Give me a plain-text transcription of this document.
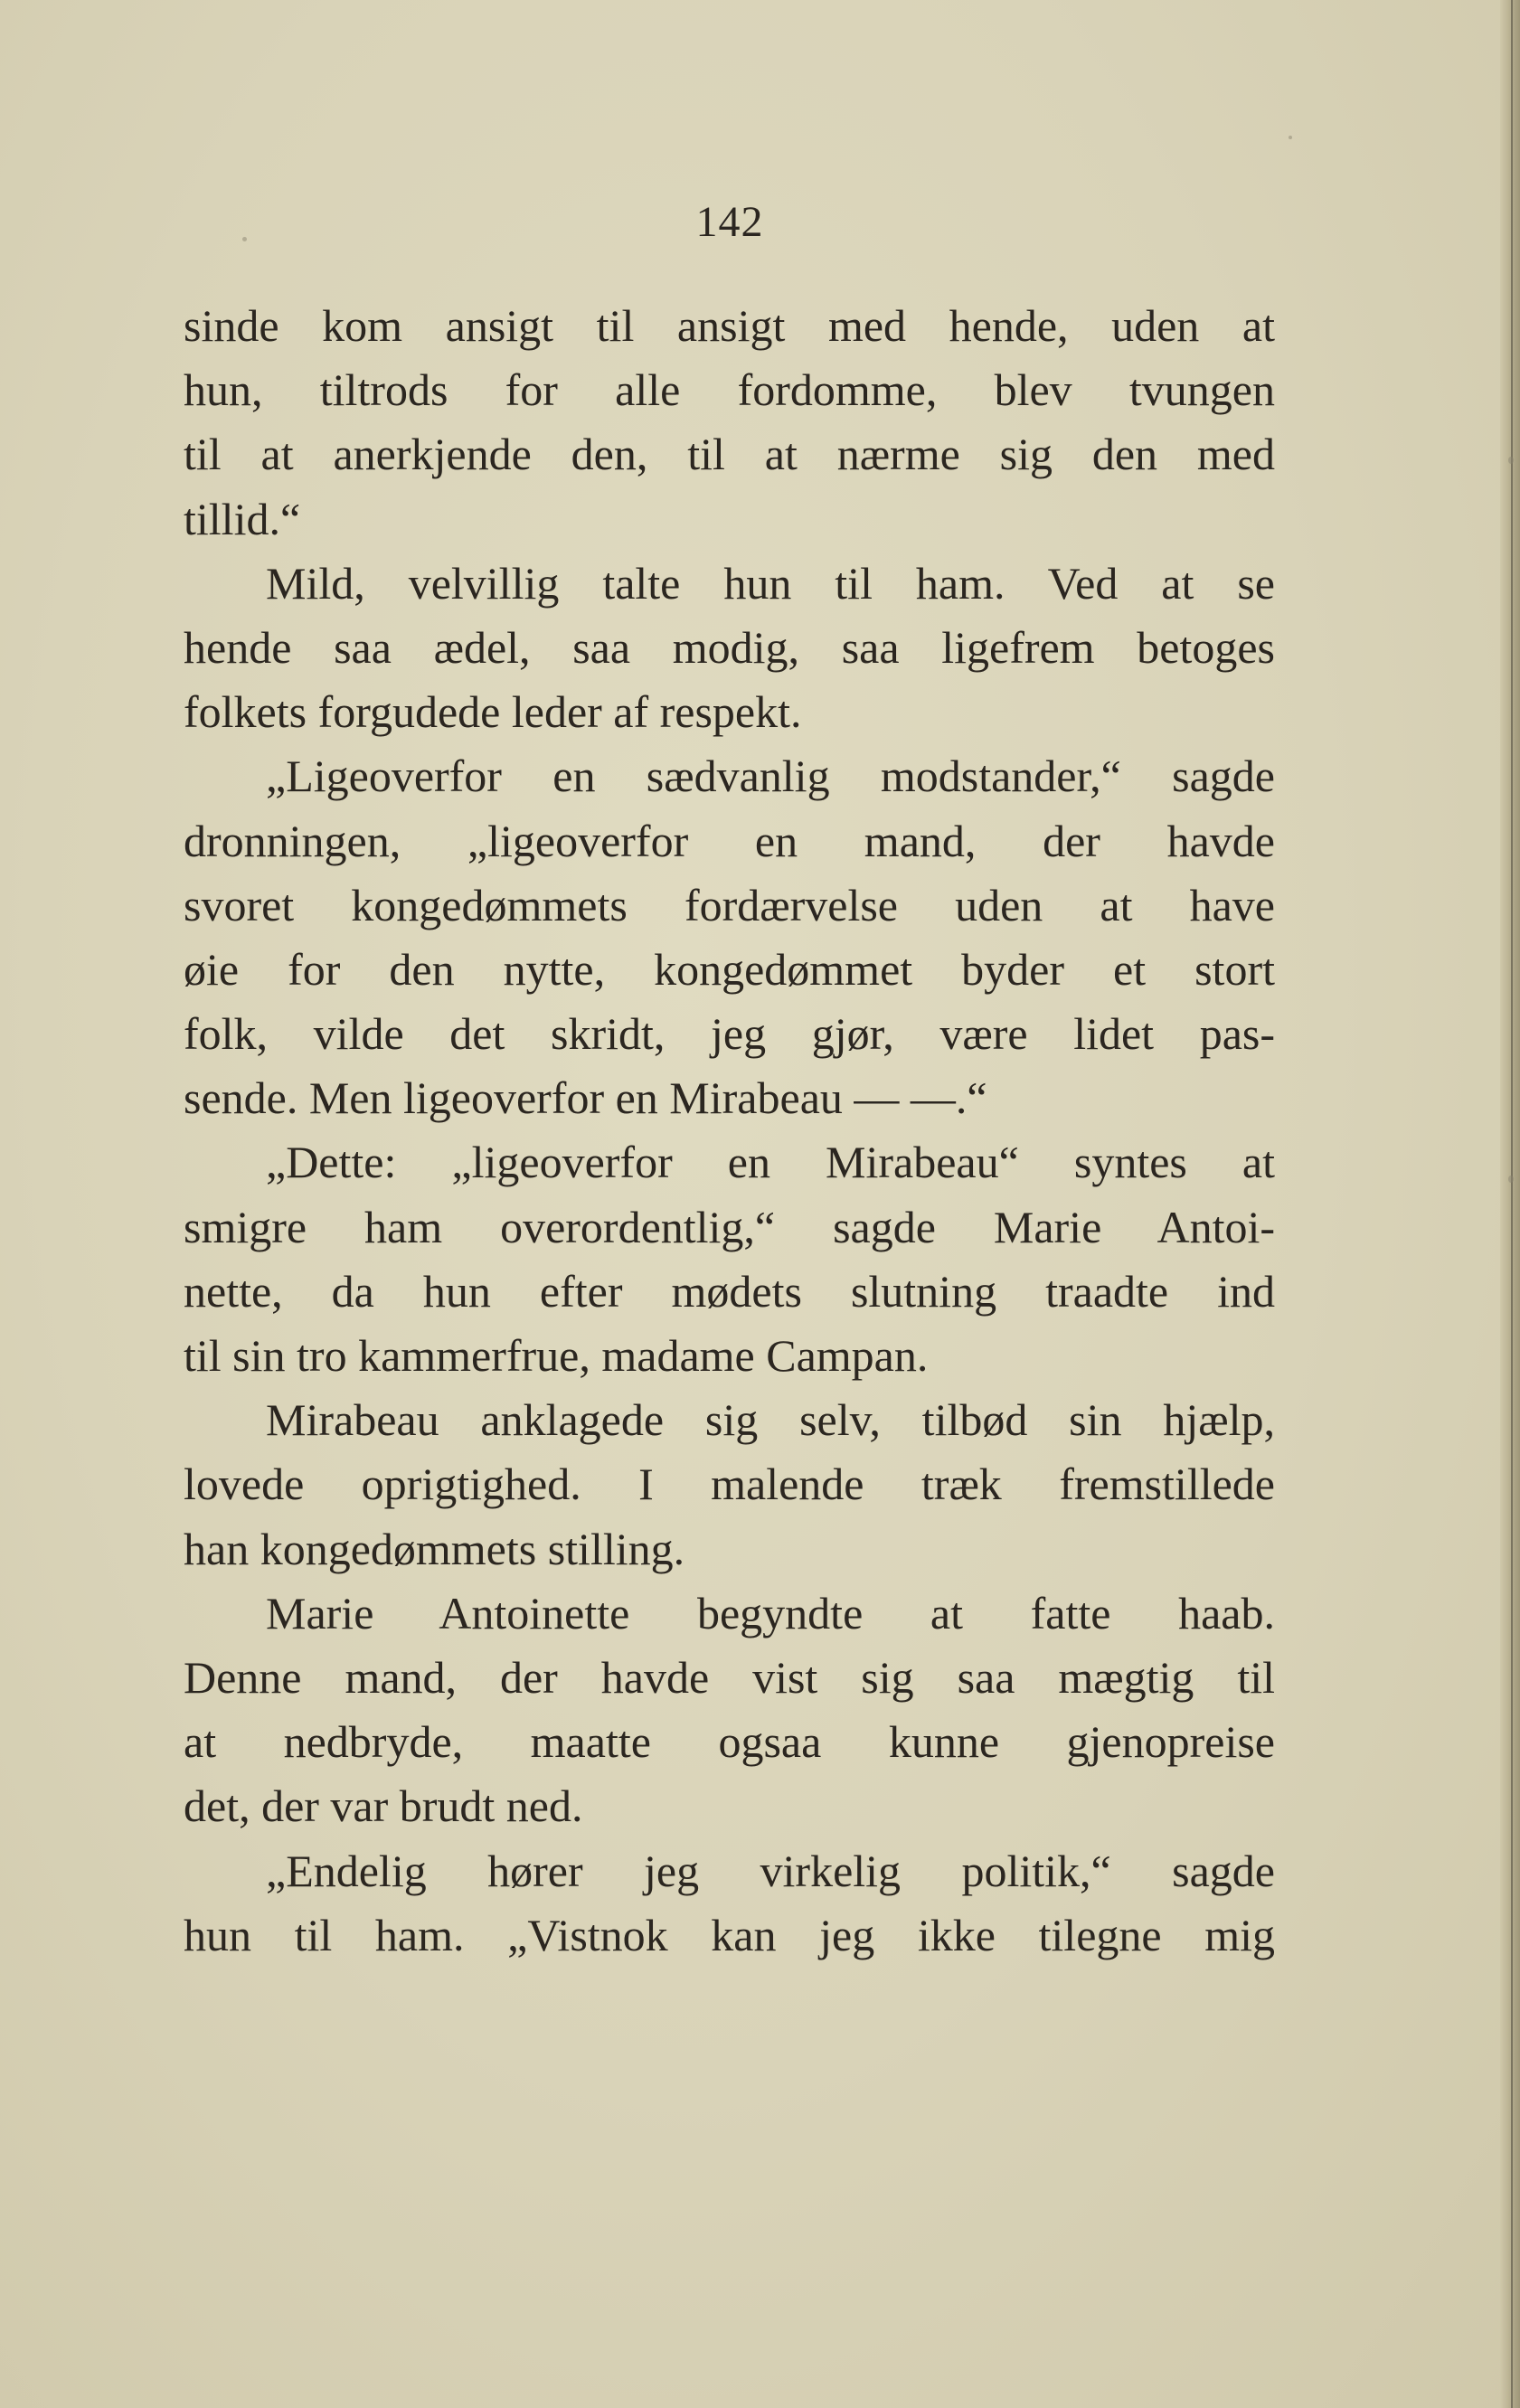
142
sinde kom ansigt til ansigt med hende, uden at
hun, tiltrods for alle fordomme, blev tvungen
til at anerkjende den, til at nærme sig den med
tillid.“
Mild, velvillig talte hun til ham. Ved at se
hende saa ædel, saa modig, saa ligefrem betoges
folkets forgudede leder af respekt.
„Ligeoverfor en sædvanlig modstander,“ sagde
dronningen, „ligeoverfor en mand, der havde
svoret kongedømmets fordærvelse uden at have
øie for den nytte, kongedømmet byder et stort
folk, vilde det skridt, jeg gjør, være lidet pas-
sende. Men ligeoverfor en Mirabeau — —.“
„Dette: „ligeoverfor en Mirabeau“ syntes at
smigre ham overordentlig,“ sagde Marie Antoi-
nette, da hun efter mødets slutning traadte ind
til sin tro kammerfrue, madame Campan.
Mirabeau anklagede sig selv, tilbød sin hjælp,
lovede oprigtighed. I malende træk fremstillede
han kongedømmets stilling.
Marie Antoinette begyndte at fatte haab.
Denne mand, der havde vist sig saa mægtig til
at nedbryde, maatte ogsaa kunne gjenopreise
det, der var brudt ned.
„Endelig hører jeg virkelig politik,“ sagde
hun til ham. „Vistnok kan jeg ikke tilegne mig
